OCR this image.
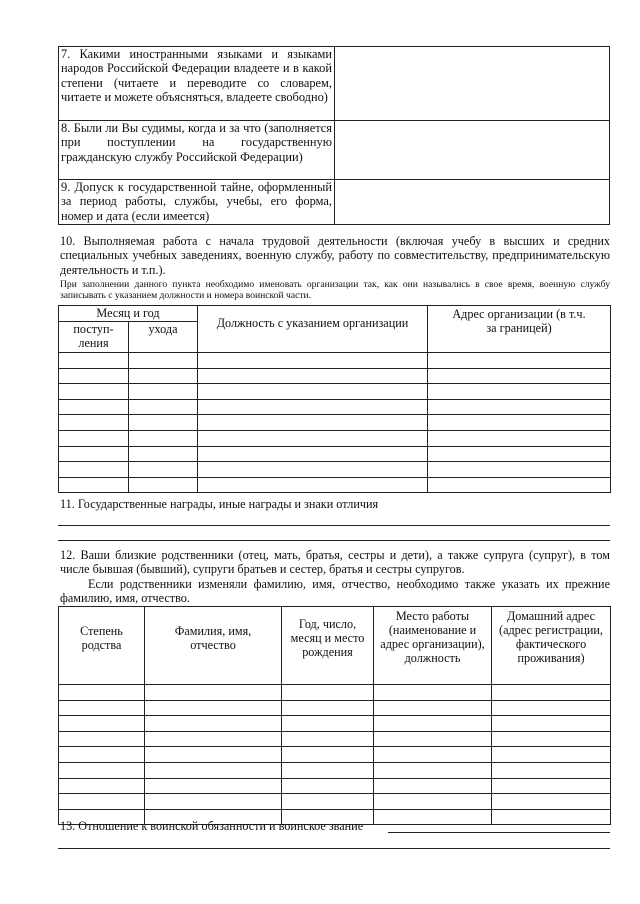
7. Какими иностранными языками и языками народов Российской Федерации владеете и в какой степени (читаете и переводите со словарем, читаете и можете объясняться, владеете свободно)	
8. Были ли Вы судимы, когда и за что (заполняется при поступлении на государственную гражданскую службу Российской Федерации)	
9. Допуск к государственной тайне, оформленный за период работы, службы, учебы, его форма, номер и дата (если имеется)	
10. Выполняемая работа с начала трудовой деятельности (включая учебу в высших и средних специальных учебных заведениях, военную службу, работу по совместительству, предпринимательскую деятельность и т.п.).
При заполнении данного пункта необходимо именовать организации так, как они назывались в свое время, военную службу записывать с указанием должности и номера воинской части.
Месяц и год		Должность с указанием организации	Адрес организации (в т.ч. за границей)
поступ-ления	ухода		

11. Государственные награды, иные награды и знаки отличия
12. Ваши близкие родственники (отец, мать, братья, сестры и дети), а также супруга (супруг), в том числе бывшая (бывший), супруги братьев и сестер, братья и сестры супругов.
Если родственники изменяли фамилию, имя, отчество, необходимо также указать их прежние фамилию, имя, отчество.
Степень родства	Фамилия, имя, отчество	Год, число, месяц и место рождения	Место работы (наименование и адрес организации), должность	Домашний адрес (адрес регистрации, фактического проживания)

13. Отношение к воинской обязанности и воинское звание
